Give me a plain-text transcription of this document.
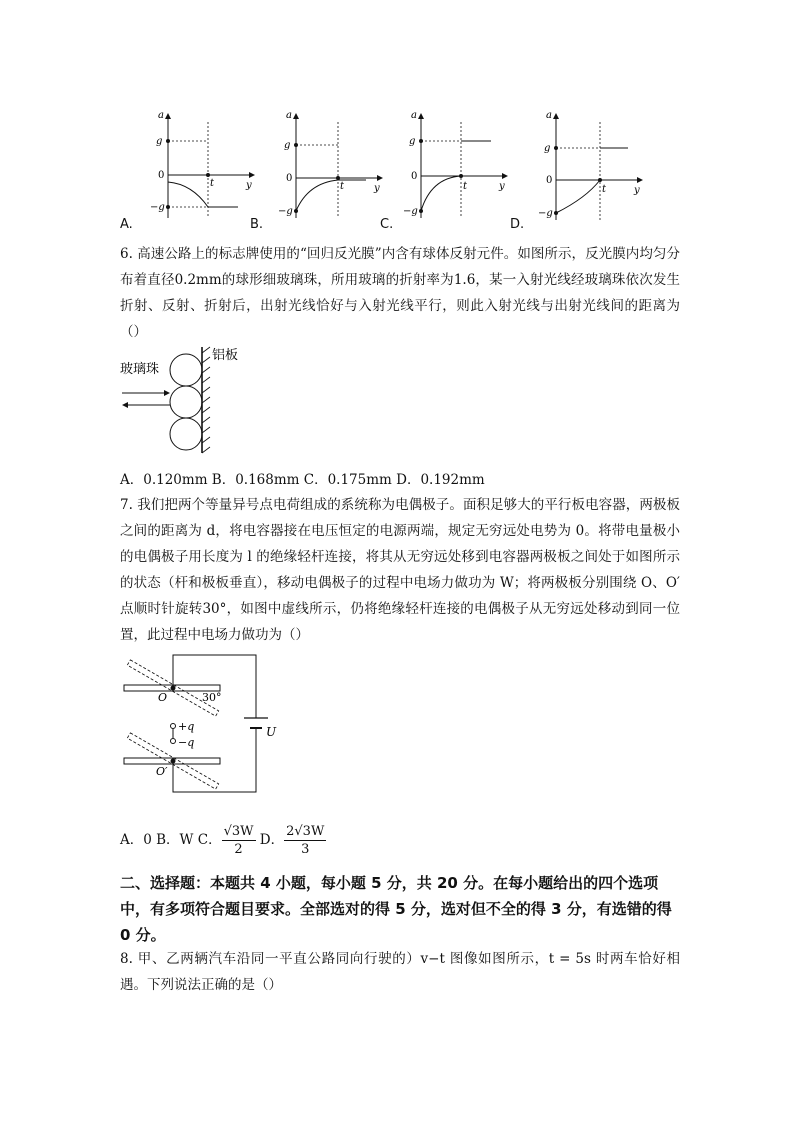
a
y
g
0
−g
t
A.
a
y
g
0
−g
t
B.
a
y
g
0
−g
t
C.
a
y
g
0
−g
t
D.
6. 高速公路上的标志牌使用的“回归反光膜”内含有球体反射元件。如图所示，反光膜内均匀分布着直径0.2mm的球形细玻璃珠，所用玻璃的折射率为1.6，某一入射光线经玻璃珠依次发生折射、反射、折射后，出射光线恰好与入射光线平行，则此入射光线与出射光线间的距离为（）
玻璃珠
铝板
A．0.120mm B．0.168mm C．0.175mm D．0.192mm
7. 我们把两个等量异号点电荷组成的系统称为电偶极子。面积足够大的平行板电容器，两极板之间的距离为 d，将电容器接在电压恒定的电源两端，规定无穷远处电势为 0。将带电量极小的电偶极子用长度为 l 的绝缘轻杆连接，将其从无穷远处移到电容器两极板之间处于如图所示的状态（杆和极板垂直），移动电偶极子的过程中电场力做功为 W；将两极板分别围绕 O、O′点顺时针旋转30°，如图中虚线所示，仍将绝缘轻杆连接的电偶极子从无穷远处移动到同一位置，此过程中电场力做功为（）
O	30°
+q
−q
O′
U
A．0 B．W C． $\frac{√3W}{2}$ D． $\frac{2√3W}{3}$
二、选择题：本题共 4 小题，每小题 5 分，共 20 分。在每小题给出的四个选项中，有多项符合题目要求。全部选对的得 5 分，选对但不全的得 3 分，有选错的得 0 分。
8. 甲、乙两辆汽车沿同一平直公路同向行驶的）v−t 图像如图所示，t = 5s 时两车恰好相遇。下列说法正确的是（）
